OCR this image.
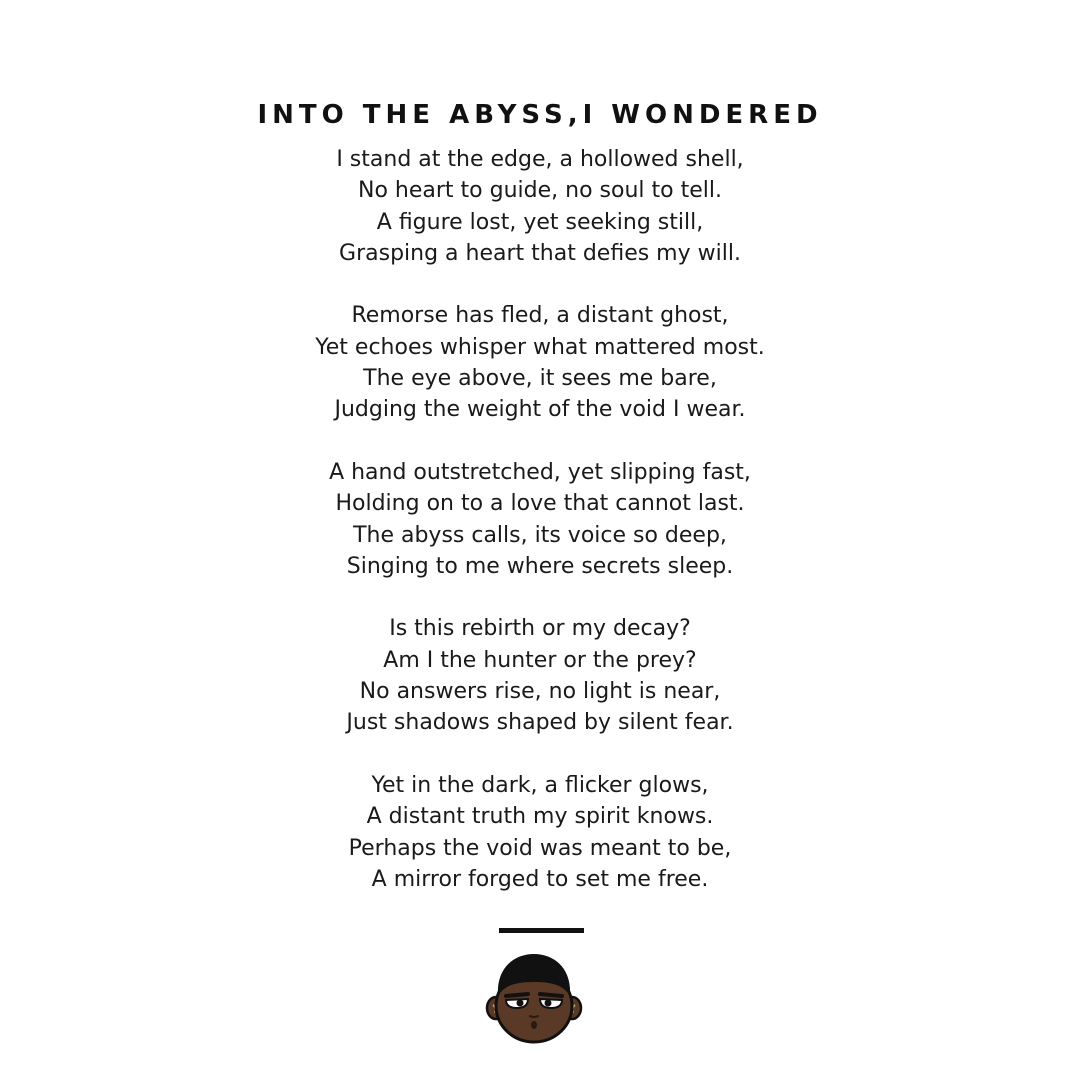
INTO THE ABYSS,I WONDERED
I stand at the edge, a hollowed shell,
No heart to guide, no soul to tell.
A figure lost, yet seeking still,
Grasping a heart that defies my will.
Remorse has fled, a distant ghost,
Yet echoes whisper what mattered most.
The eye above, it sees me bare,
Judging the weight of the void I wear.
A hand outstretched, yet slipping fast,
Holding on to a love that cannot last.
The abyss calls, its voice so deep,
Singing to me where secrets sleep.
Is this rebirth or my decay?
Am I the hunter or the prey?
No answers rise, no light is near,
Just shadows shaped by silent fear.
Yet in the dark, a flicker glows,
A distant truth my spirit knows.
Perhaps the void was meant to be,
A mirror forged to set me free.
